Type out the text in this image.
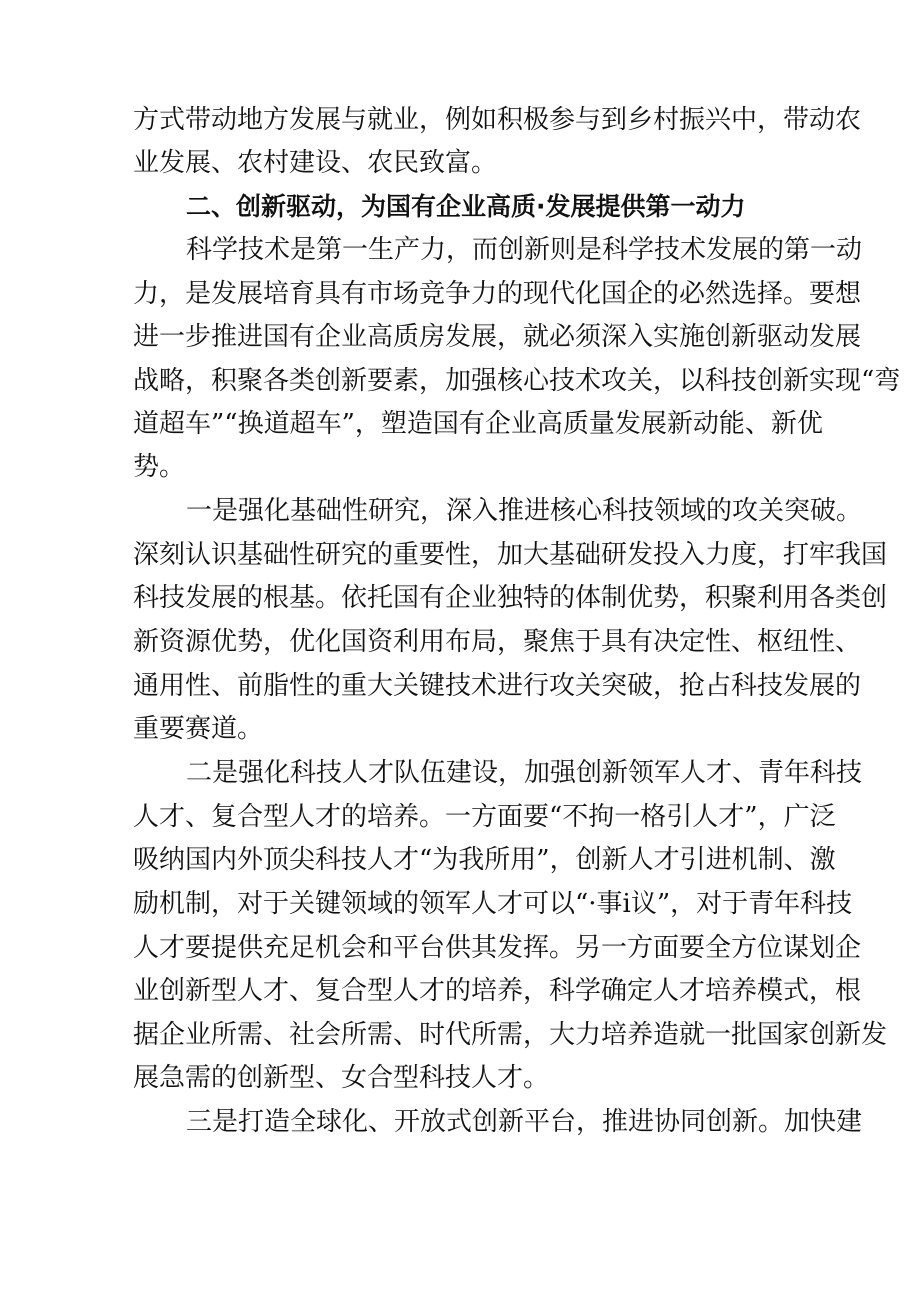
方式带动地方发展与就业，例如积极参与到乡村振兴中，带动农
业发展、农村建设、农民致富。
二、创新驱动，为国有企业高质·发展提供第一动力
科学技术是第一生产力，而创新则是科学技术发展的第一动
力，是发展培育具有市场竞争力的现代化国企的必然选择。要想
进一步推进国有企业高质房发展，就必须深入实施创新驱动发展
战略，积聚各类创新要素，加强核心技术攻关，以科技创新实现“弯
道超车”“换道超车”，塑造国有企业高质量发展新动能、新优
势。
一是强化基础性研究，深入推进核心科技领域的攻关突破。
深刻认识基础性研究的重要性，加大基础研发投入力度，打牢我国
科技发展的根基。依托国有企业独特的体制优势，积聚利用各类创
新资源优势，优化国资利用布局，聚焦于具有决定性、枢纽性、
通用性、前脂性的重大关键技术进行攻关突破，抢占科技发展的
重要赛道。
二是强化科技人才队伍建设，加强创新领军人才、青年科技
人才、复合型人才的培养。一方面要“不拘一格引人才”，广泛
吸纳国内外顶尖科技人才“为我所用”，创新人才引进机制、激
励机制，对于关键领域的领军人才可以“·事i议”，对于青年科技
人才要提供充足机会和平台供其发挥。另一方面要全方位谋划企
业创新型人才、复合型人才的培养，科学确定人才培养模式，根
据企业所需、社会所需、时代所需，大力培养造就一批国家创新发
展急需的创新型、女合型科技人才。
三是打造全球化、开放式创新平台，推进协同创新。加快建
